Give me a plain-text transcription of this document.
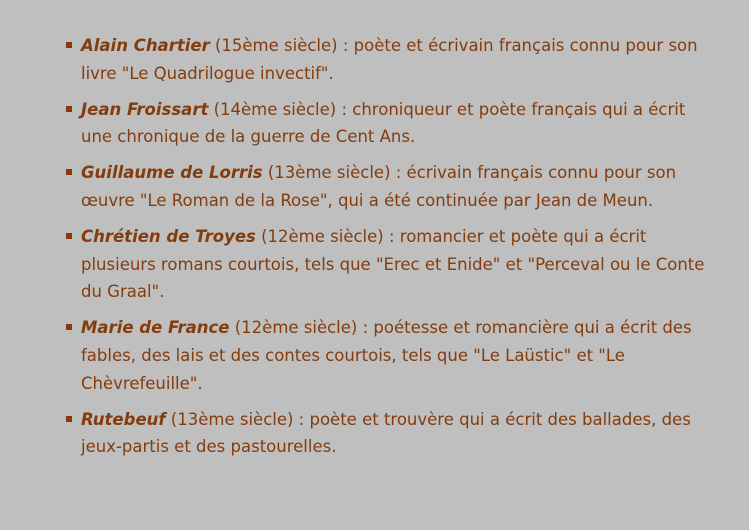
Alain Chartier (15ème siècle) : poète et écrivain français connu pour son livre "Le Quadrilogue invectif".
Jean Froissart (14ème siècle) : chroniqueur et poète français qui a écrit une chronique de la guerre de Cent Ans.
Guillaume de Lorris (13ème siècle) : écrivain français connu pour son œuvre "Le Roman de la Rose", qui a été continuée par Jean de Meun.
Chrétien de Troyes (12ème siècle) : romancier et poète qui a écrit plusieurs romans courtois, tels que "Erec et Enide" et "Perceval ou le Conte du Graal".
Marie de France (12ème siècle) : poétesse et romancière qui a écrit des fables, des lais et des contes courtois, tels que "Le Laüstic" et "Le Chèvrefeuille".
Rutebeuf (13ème siècle) : poète et trouvère qui a écrit des ballades, des jeux-partis et des pastourelles.
